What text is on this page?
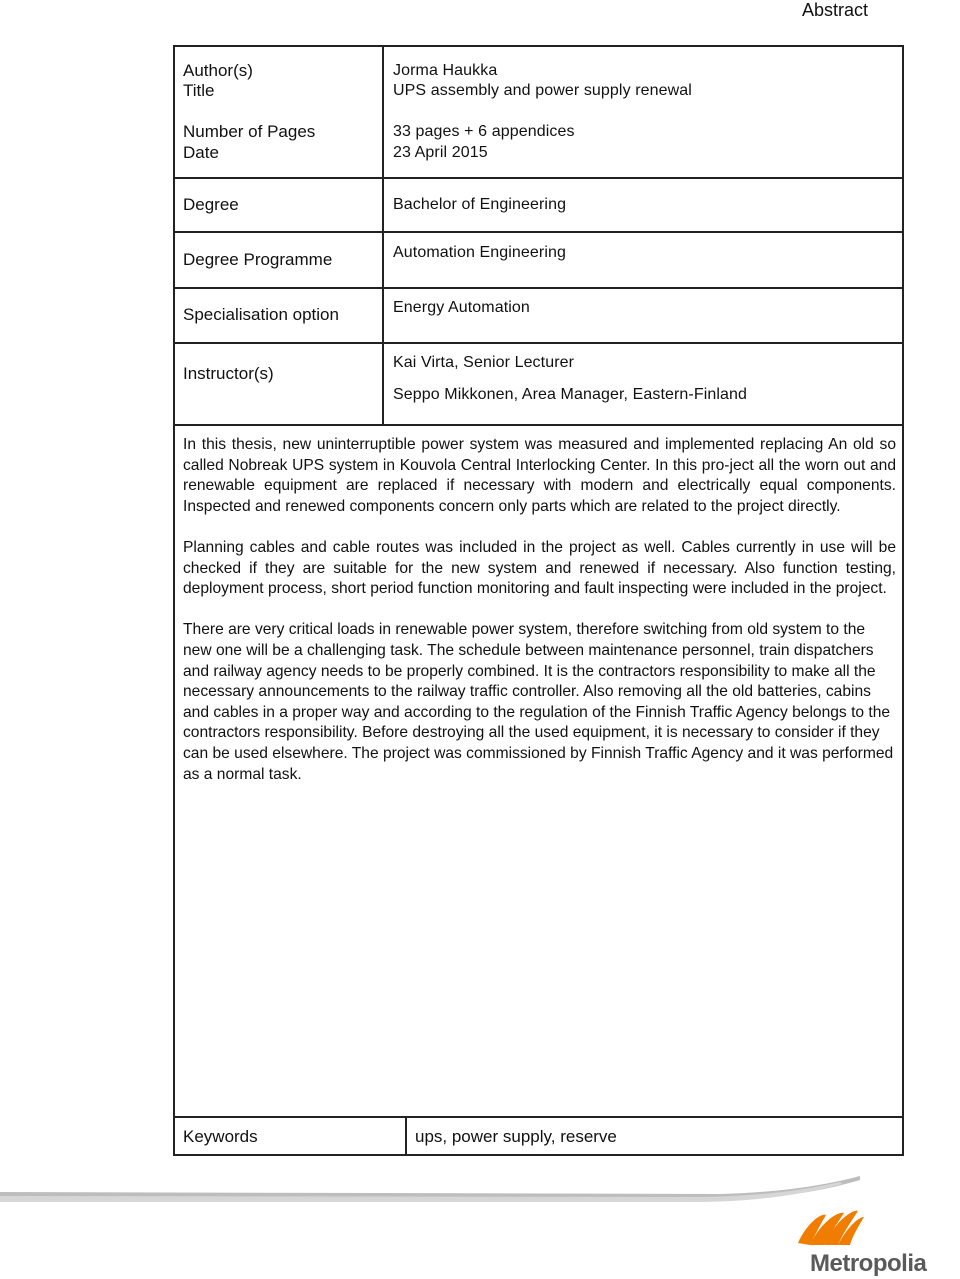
Abstract
Author(s)
Title
Number of Pages
Date
Degree
Degree Programme
Specialisation option
Instructor(s)
Jorma Haukka
UPS assembly and power supply renewal
33 pages + 6 appendices
23 April 2015
Bachelor of Engineering
Automation Engineering
Energy Automation
Kai Virta, Senior Lecturer
Seppo Mikkonen, Area Manager, Eastern-Finland

In this thesis, new uninterruptible power system was measured and implemented replacing An old so called Nobreak UPS system in Kouvola Central Interlocking Center. In this pro-ject all the worn out and renewable equipment are replaced if necessary with modern and electrically equal components. Inspected and renewed components concern only parts which are related to the project directly.

Planning cables and cable routes was included in the project as well. Cables currently in use will be checked if they are suitable for the new system and renewed if necessary. Also function testing, deployment process, short period function monitoring and fault inspecting were included in the project.

There are very critical loads in renewable power system, therefore switching from old system to the new one will be a challenging task. The schedule between maintenance personnel, train dispatchers and railway agency needs to be properly combined. It is the contractors responsibility to make all the necessary announcements to the railway traffic controller. Also removing all the old batteries, cabins and cables in a proper way and according to the regulation of the Finnish Traffic Agency belongs to the contractors responsibility. Before destroying all the used equipment, it is necessary to consider if they can be used elsewhere. The project was commissioned by Finnish Traffic Agency and it was performed as a normal task.

Keywords	ups, power supply, reserve
Metropolia
